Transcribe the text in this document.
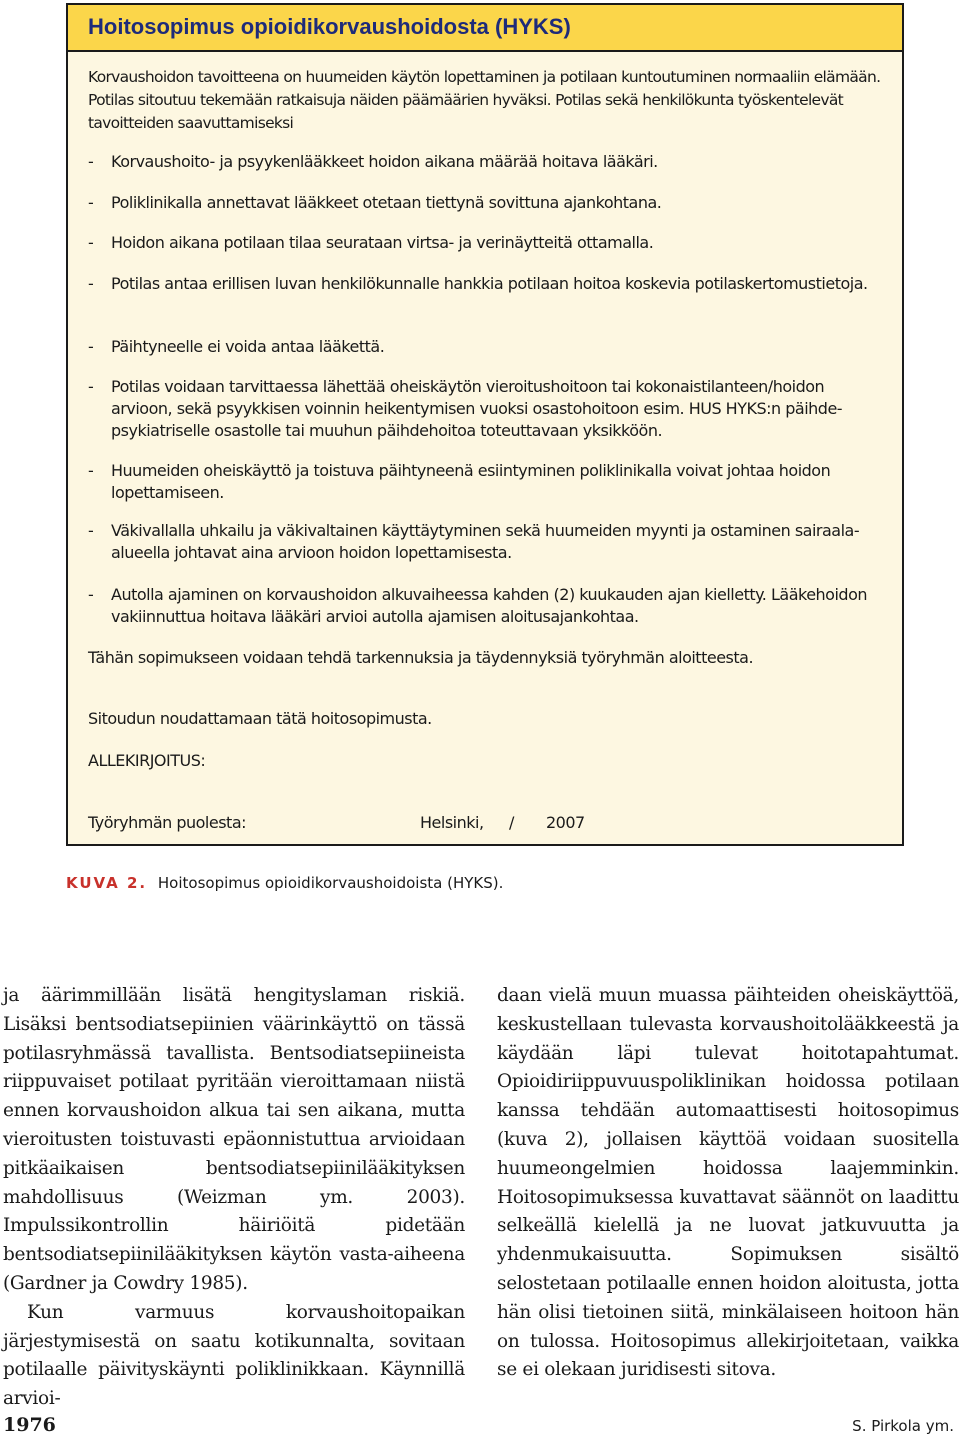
Hoitosopimus opioidikorvaushoidosta (HYKS)
Korvaushoidon tavoitteena on huumeiden käytön lopettaminen ja potilaan kuntoutuminen normaaliin elämään. Potilas sitoutuu tekemään ratkaisuja näiden päämäärien hyväksi. Potilas sekä henkilökunta työskentelevät tavoitteiden saavuttamiseksi
-	Korvaushoito- ja psyykenlääkkeet hoidon aikana määrää hoitava lääkäri.
-	Poliklinikalla annettavat lääkkeet otetaan tiettynä sovittuna ajankohtana.
-	Hoidon aikana potilaan tilaa seurataan virtsa- ja verinäytteitä ottamalla.
-	Potilas antaa erillisen luvan henkilökunnalle hankkia potilaan hoitoa koskevia potilaskertomustietoja.
-	Päihtyneelle ei voida antaa lääkettä.
-	Potilas voidaan tarvittaessa lähettää oheiskäytön vieroitushoitoon tai kokonaistilanteen/hoidon arvioon, sekä psyykkisen voinnin heikentymisen vuoksi osastohoitoon esim. HUS HYKS:n päihde-psykiatriselle osastolle tai muuhun päihdehoitoa toteuttavaan yksikköön.
-	Huumeiden oheiskäyttö ja toistuva päihtyneenä esiintyminen poliklinikalla voivat johtaa hoidon lopettamiseen.
-	Väkivallalla uhkailu ja väkivaltainen käyttäytyminen sekä huumeiden myynti ja ostaminen sairaala-alueella johtavat aina arvioon hoidon lopettamisesta.
-	Autolla ajaminen on korvaushoidon alkuvaiheessa kahden (2) kuukauden ajan kielletty. Lääkehoidon vakiinnuttua hoitava lääkäri arvioi autolla ajamisen aloitusajankohtaa.
Tähän sopimukseen voidaan tehdä tarkennuksia ja täydennyksiä työryhmän aloitteesta.
Sitoudun noudattamaan tätä hoitosopimusta.
ALLEKIRJOITUS:
Työryhmän puolesta:	Helsinki, / 2007
KUVA 2. Hoitosopimus opioidikorvaushoidoista (HYKS).

ja äärimmillään lisätä hengityslaman riskiä. Lisäksi bentsodiatsepiinien väärinkäyttö on tässä potilasryhmässä tavallista. Bentsodiatsepiineista riippuvaiset potilaat pyritään vieroittamaan niistä ennen korvaushoidon alkua tai sen aikana, mutta vieroitusten toistuvasti epäonnistuttua arvioidaan pitkäaikaisen bentsodiatsepiinilääkityksen mahdollisuus (Weizman ym. 2003). Impulssikontrollin häiriöitä pidetään bentsodiatsepiinilääkityksen käytön vasta-aiheena (Gardner ja Cowdry 1985).

Kun varmuus korvaushoitopaikan järjestymisestä on saatu kotikunnalta, sovitaan potilaalle päivityskäynti poliklinikkaan. Käynnillä arvioi-

daan vielä muun muassa päihteiden oheiskäyttöä, keskustellaan tulevasta korvaushoitolääkkeestä ja käydään läpi tulevat hoitotapahtumat. Opioidiriippuvuuspoliklinikan hoidossa potilaan kanssa tehdään automaattisesti hoitosopimus (kuva 2), jollaisen käyttöä voidaan suositella huumeongelmien hoidossa laajemminkin. Hoitosopimuksessa kuvattavat säännöt on laadittu selkeällä kielellä ja ne luovat jatkuvuutta ja yhdenmukaisuutta. Sopimuksen sisältö selostetaan potilaalle ennen hoidon aloitusta, jotta hän olisi tietoinen siitä, minkälaiseen hoitoon hän on tulossa. Hoitosopimus allekirjoitetaan, vaikka se ei olekaan juridisesti sitova.

1976	S. Pirkola ym.
